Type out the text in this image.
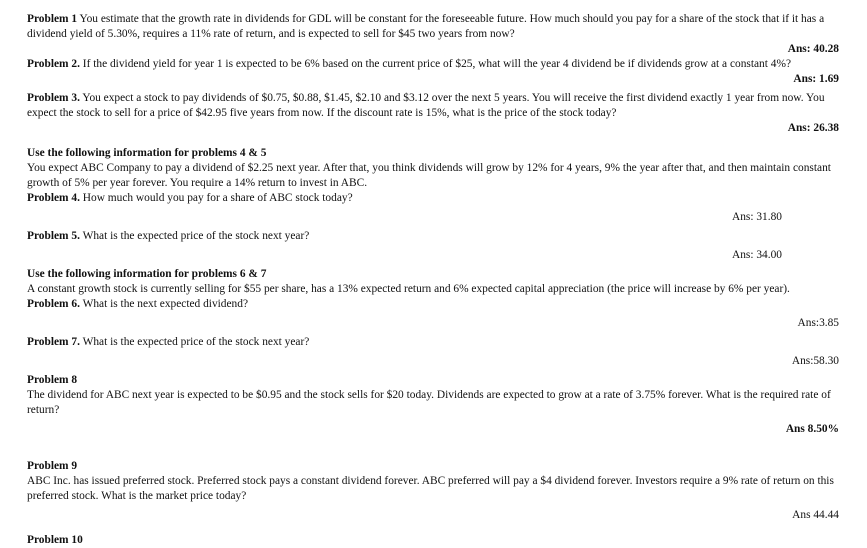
Problem 1 You estimate that the growth rate in dividends for GDL will be constant for the foreseeable future. How much should you pay for a share of the stock that if it has a dividend yield of 5.30%, requires a 11% rate of return, and is expected to sell for $45 two years from now?

Ans: 40.28

Problem 2. If the dividend yield for year 1 is expected to be 6% based on the current price of $25, what will the year 4 dividend be if dividends grow at a constant 4%?

Ans: 1.69

Problem 3. You expect a stock to pay dividends of $0.75, $0.88, $1.45, $2.10 and $3.12 over the next 5 years. You will receive the first dividend exactly 1 year from now. You expect the stock to sell for a price of $42.95 five years from now. If the discount rate is 15%, what is the price of the stock today?

Ans: 26.38

Use the following information for problems 4 & 5

You expect ABC Company to pay a dividend of $2.25 next year. After that, you think dividends will grow by 12% for 4 years, 9% the year after that, and then maintain constant growth of 5% per year forever. You require a 14% return to invest in ABC.

Problem 4. How much would you pay for a share of ABC stock today?

Ans: 31.80

Problem 5. What is the expected price of the stock next year?

Ans: 34.00

Use the following information for problems 6 & 7

A constant growth stock is currently selling for $55 per share, has a 13% expected return and 6% expected capital appreciation (the price will increase by 6% per year).

Problem 6. What is the next expected dividend?

Ans:3.85

Problem 7. What is the expected price of the stock next year?

Ans:58.30

Problem 8

The dividend for ABC next year is expected to be $0.95 and the stock sells for $20 today. Dividends are expected to grow at a rate of 3.75% forever. What is the required rate of return?

Ans 8.50%

Problem 9

ABC Inc. has issued preferred stock. Preferred stock pays a constant dividend forever. ABC preferred will pay a $4 dividend forever. Investors require a 9% rate of return on this preferred stock. What is the market price today?

Ans 44.44

Problem 10
